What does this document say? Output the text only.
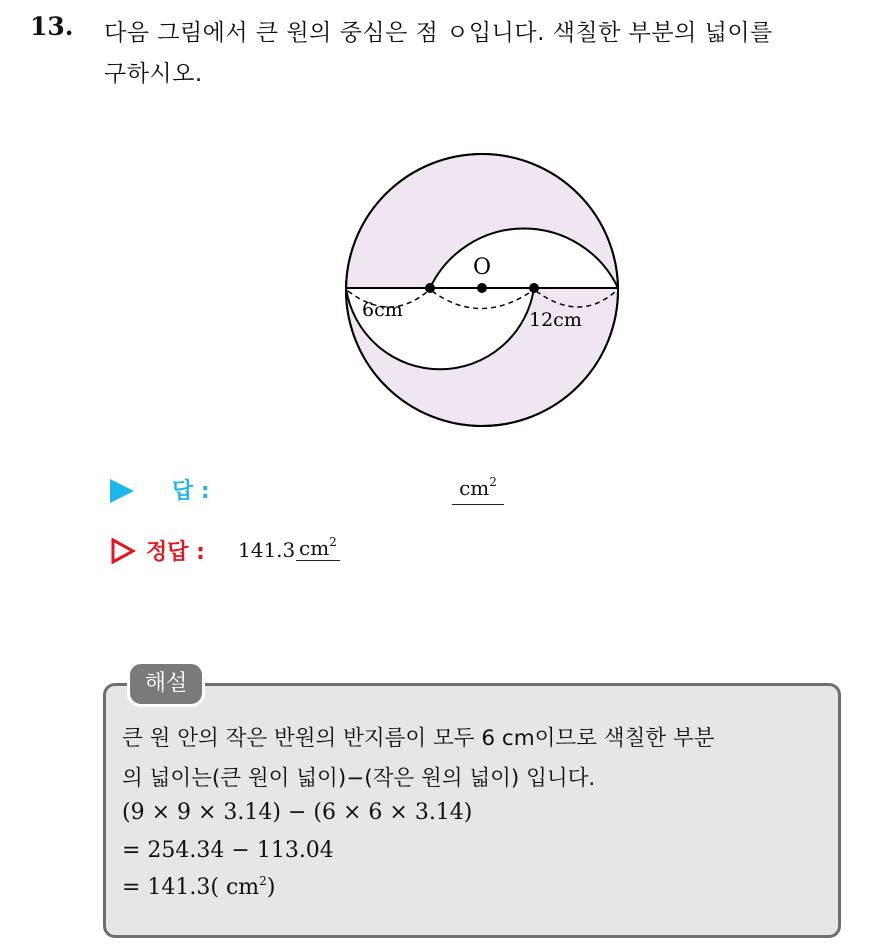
13. 다음 그림에서 큰 원의 중심은 점 ㅇ입니다. 색칠한 부분의 넓이를
구하시오.
O
6cm	12cm
답 :	$cm^2$
정답 : 141.3 $cm^2$
해설
큰 원 안의 작은 반원의 반지름이 모두 6 cm이므로 색칠한 부분
의 넓이는(큰 원이 넓이)−(작은 원의 넓이) 입니다.
(9 × 9 × 3.14) − (6 × 6 × 3.14)
= 254.34 − 113.04
= 141.3( $cm^2$)
